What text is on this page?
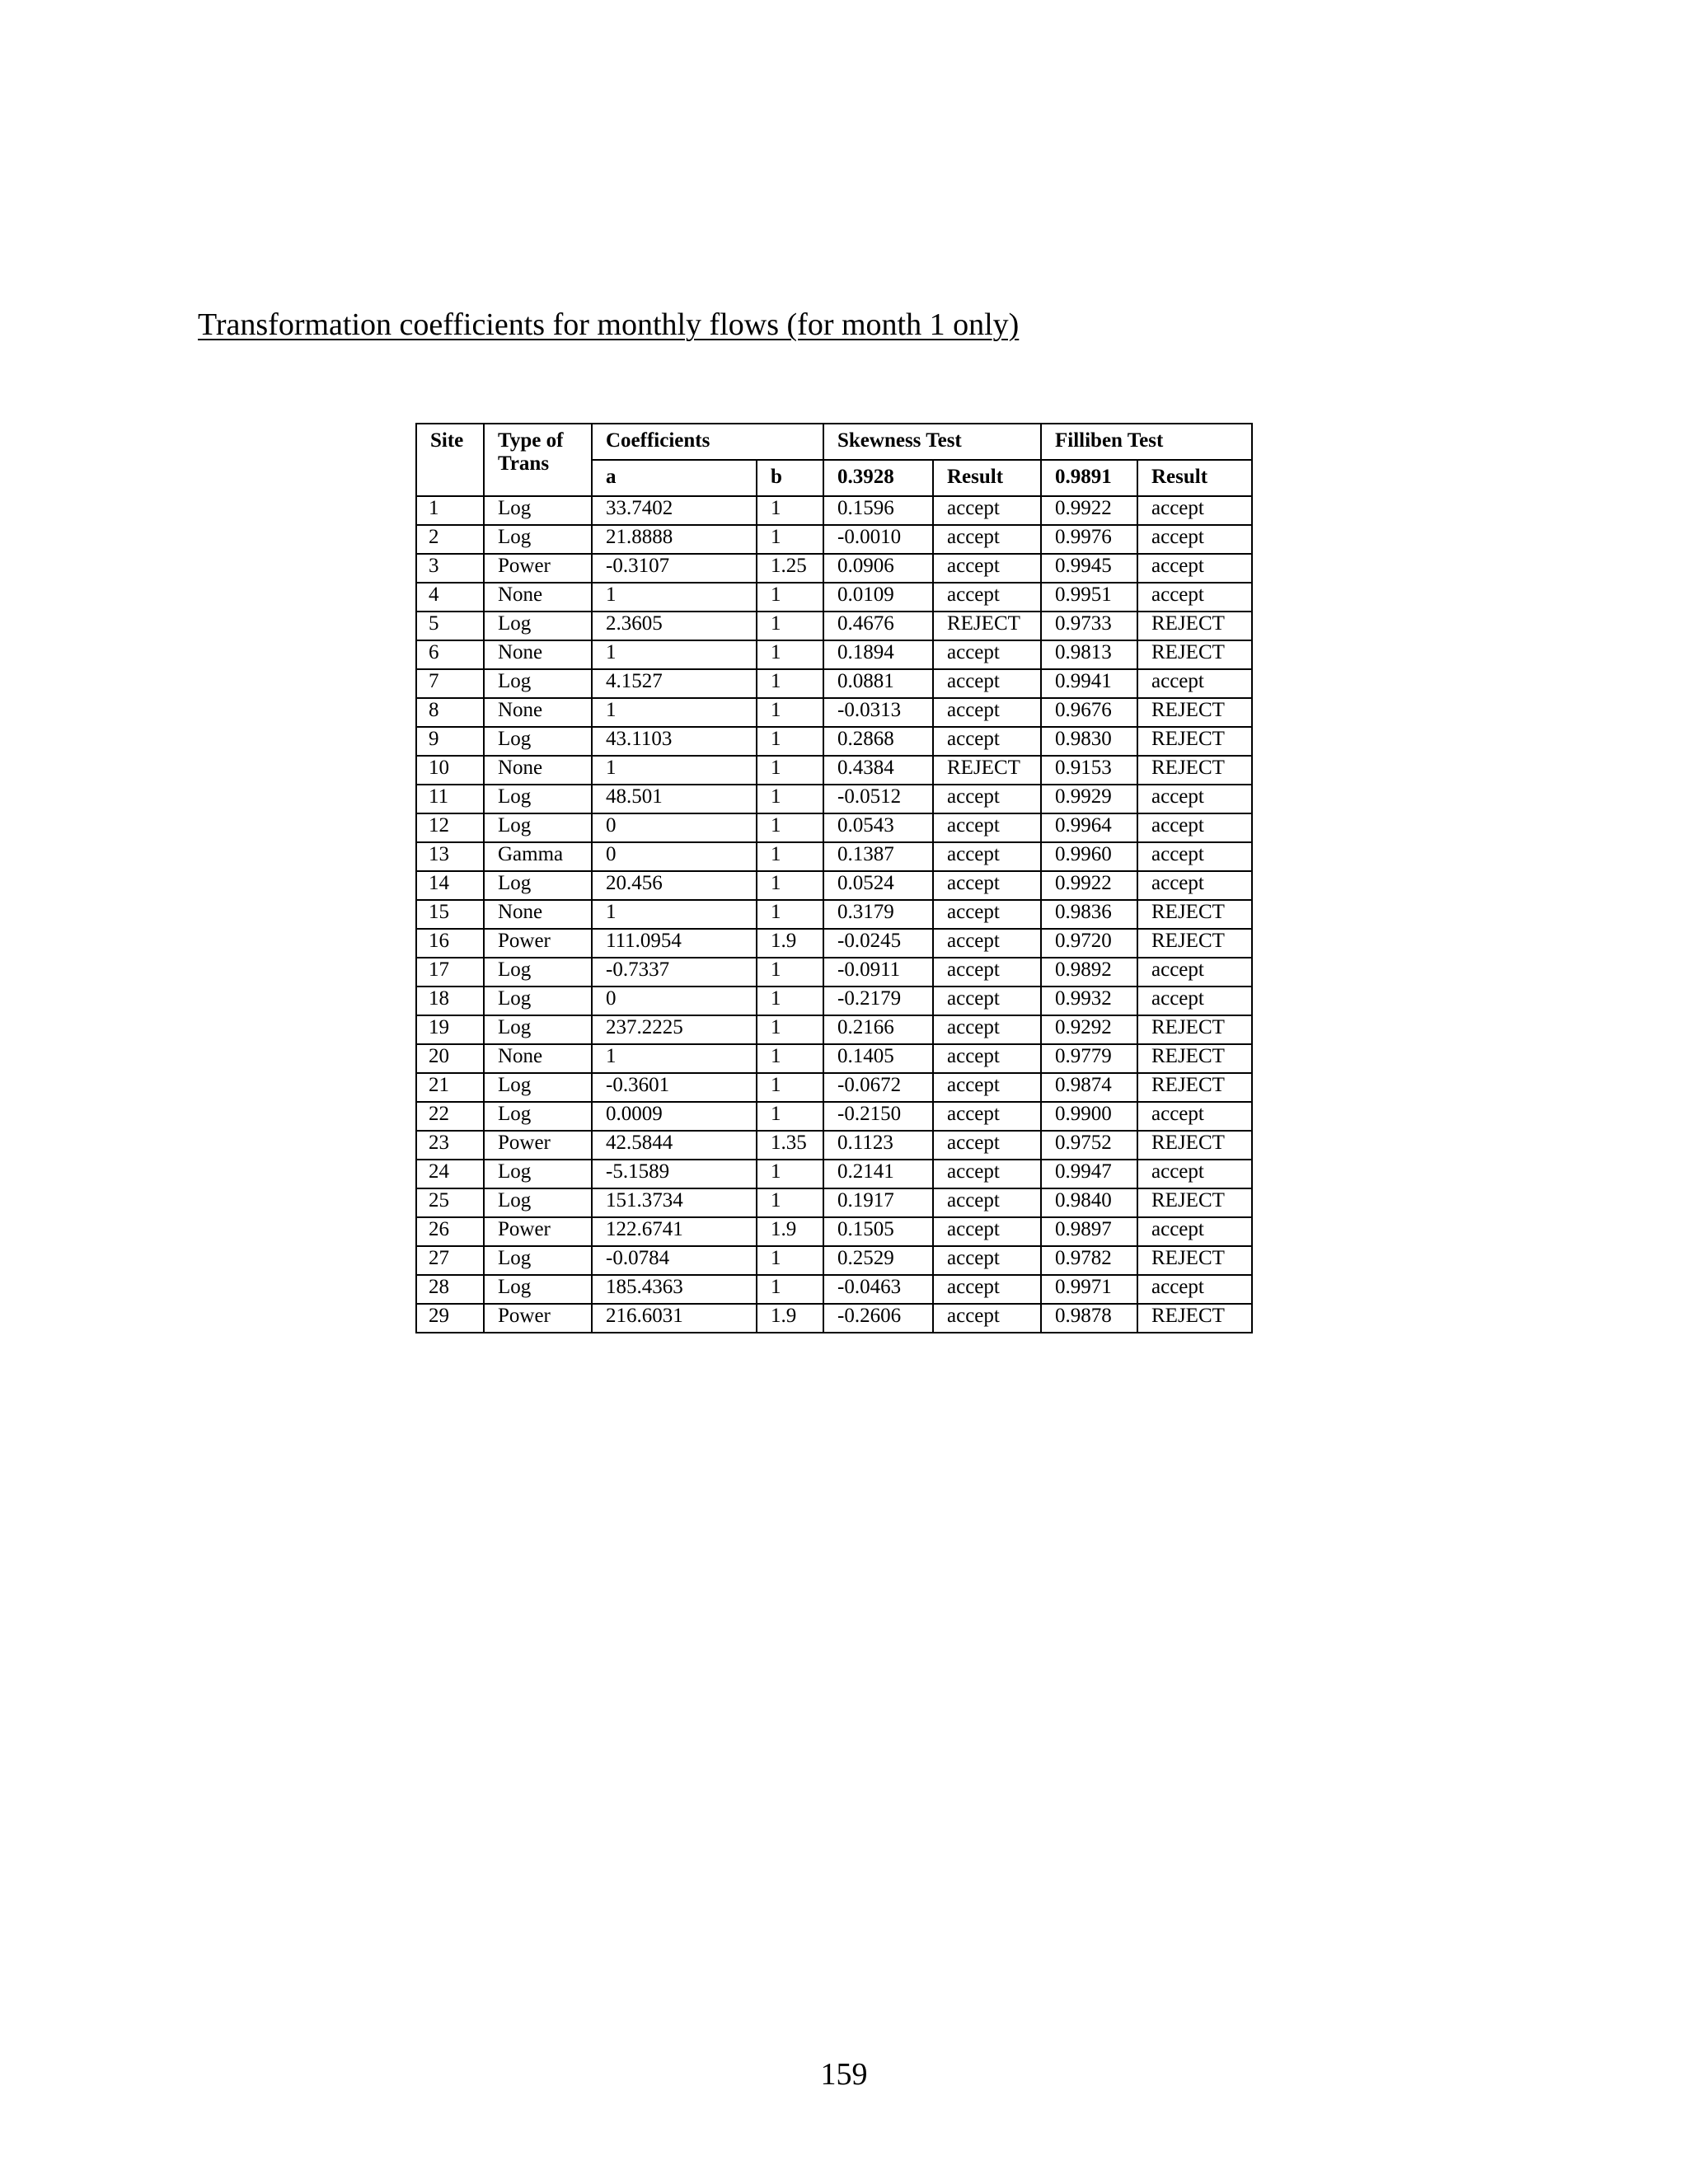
Transformation coefficients for monthly flows (for month 1 only)
Site	Type of Trans	Coefficients		Skewness Test		Filliben Test	
		a	b	0.3928	Result	0.9891	Result
1	Log	33.7402	1	0.1596	accept	0.9922	accept
2	Log	21.8888	1	-0.0010	accept	0.9976	accept
3	Power	-0.3107	1.25	0.0906	accept	0.9945	accept
4	None	1	1	0.0109	accept	0.9951	accept
5	Log	2.3605	1	0.4676	REJECT	0.9733	REJECT
6	None	1	1	0.1894	accept	0.9813	REJECT
7	Log	4.1527	1	0.0881	accept	0.9941	accept
8	None	1	1	-0.0313	accept	0.9676	REJECT
9	Log	43.1103	1	0.2868	accept	0.9830	REJECT
10	None	1	1	0.4384	REJECT	0.9153	REJECT
11	Log	48.501	1	-0.0512	accept	0.9929	accept
12	Log	0	1	0.0543	accept	0.9964	accept
13	Gamma	0	1	0.1387	accept	0.9960	accept
14	Log	20.456	1	0.0524	accept	0.9922	accept
15	None	1	1	0.3179	accept	0.9836	REJECT
16	Power	111.0954	1.9	-0.0245	accept	0.9720	REJECT
17	Log	-0.7337	1	-0.0911	accept	0.9892	accept
18	Log	0	1	-0.2179	accept	0.9932	accept
19	Log	237.2225	1	0.2166	accept	0.9292	REJECT
20	None	1	1	0.1405	accept	0.9779	REJECT
21	Log	-0.3601	1	-0.0672	accept	0.9874	REJECT
22	Log	0.0009	1	-0.2150	accept	0.9900	accept
23	Power	42.5844	1.35	0.1123	accept	0.9752	REJECT
24	Log	-5.1589	1	0.2141	accept	0.9947	accept
25	Log	151.3734	1	0.1917	accept	0.9840	REJECT
26	Power	122.6741	1.9	0.1505	accept	0.9897	accept
27	Log	-0.0784	1	0.2529	accept	0.9782	REJECT
28	Log	185.4363	1	-0.0463	accept	0.9971	accept
29	Power	216.6031	1.9	-0.2606	accept	0.9878	REJECT
159
